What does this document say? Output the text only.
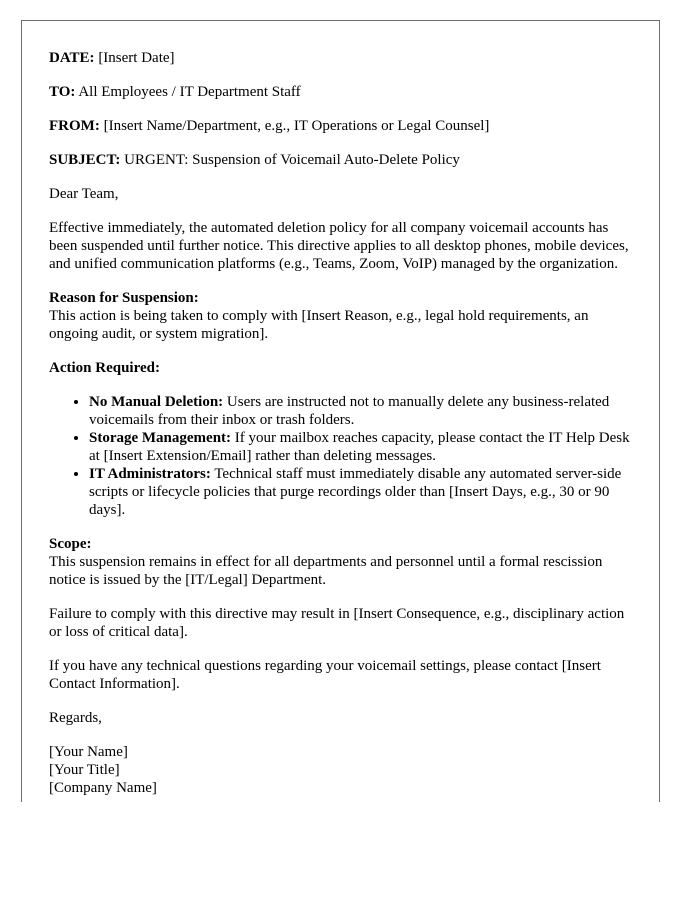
DATE: [Insert Date]

TO: All Employees / IT Department Staff

FROM: [Insert Name/Department, e.g., IT Operations or Legal Counsel]

SUBJECT: URGENT: Suspension of Voicemail Auto-Delete Policy

Dear Team,

Effective immediately, the automated deletion policy for all company voicemail accounts has been suspended until further notice. This directive applies to all desktop phones, mobile devices, and unified communication platforms (e.g., Teams, Zoom, VoIP) managed by the organization.

Reason for Suspension:
This action is being taken to comply with [Insert Reason, e.g., legal hold requirements, an ongoing audit, or system migration].

Action Required:

• No Manual Deletion: Users are instructed not to manually delete any business-related voicemails from their inbox or trash folders.
• Storage Management: If your mailbox reaches capacity, please contact the IT Help Desk at [Insert Extension/Email] rather than deleting messages.
• IT Administrators: Technical staff must immediately disable any automated server-side scripts or lifecycle policies that purge recordings older than [Insert Days, e.g., 30 or 90 days].

Scope:
This suspension remains in effect for all departments and personnel until a formal rescission notice is issued by the [IT/Legal] Department.

Failure to comply with this directive may result in [Insert Consequence, e.g., disciplinary action or loss of critical data].

If you have any technical questions regarding your voicemail settings, please contact [Insert Contact Information].

Regards,

[Your Name]
[Your Title]
[Company Name]
